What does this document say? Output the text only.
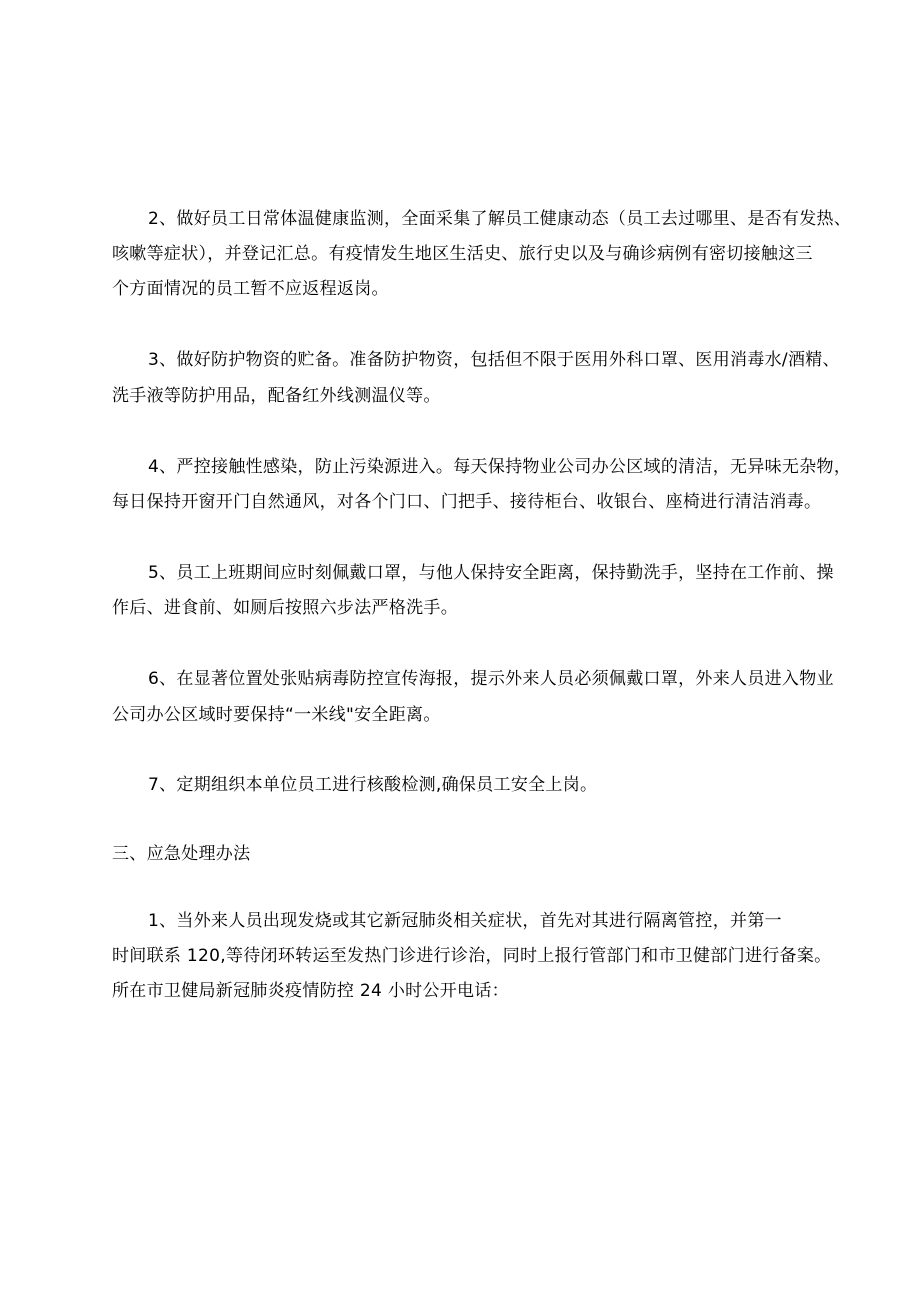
2、做好员工日常体温健康监测，全面采集了解员工健康动态（员工去过哪里、是否有发热、

咳嗽等症状），并登记汇总。有疫情发生地区生活史、旅行史以及与确诊病例有密切接触这三

个方面情况的员工暂不应返程返岗。

3、做好防护物资的贮备。准备防护物资，包括但不限于医用外科口罩、医用消毒水/酒精、

洗手液等防护用品，配备红外线测温仪等。

4、严控接触性感染，防止污染源进入。每天保持物业公司办公区域的清洁，无异味无杂物，

每日保持开窗开门自然通风，对各个门口、门把手、接待柜台、收银台、座椅进行清洁消毒。

5、员工上班期间应时刻佩戴口罩，与他人保持安全距离，保持勤洗手，坚持在工作前、操

作后、进食前、如厕后按照六步法严格洗手。

6、在显著位置处张贴病毒防控宣传海报，提示外来人员必须佩戴口罩，外来人员进入物业

公司办公区域时要保持“一米线"安全距离。

7、定期组织本单位员工进行核酸检测,确保员工安全上岗。

三、应急处理办法

1、当外来人员出现发烧或其它新冠肺炎相关症状，首先对其进行隔离管控，并第一

时间联系 120,等待闭环转运至发热门诊进行诊治，同时上报行管部门和市卫健部门进行备案。

所在市卫健局新冠肺炎疫情防控 24 小时公开电话：
